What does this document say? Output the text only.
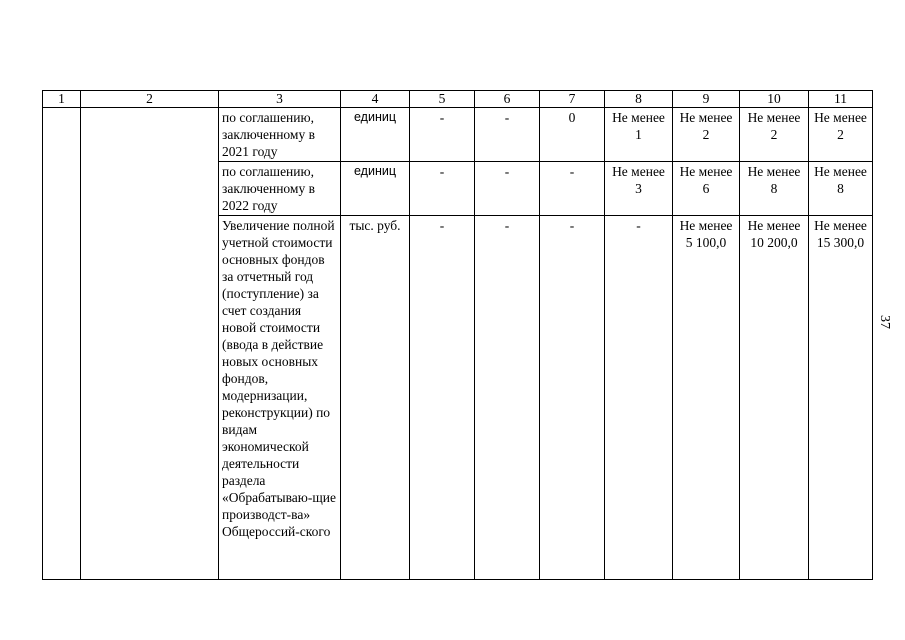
1	2	3	4	5	6	7	8	9	10	11
		по соглашению, заключенному в 2021 году	единиц	-	-	0	Не менее 1	Не менее 2	Не менее 2	Не менее 2
		по соглашению, заключенному в 2022 году	единиц	-	-	-	Не менее 3	Не менее 6	Не менее 8	Не менее 8
		Увеличение полной учетной стоимости основных фондов за отчетный год (поступление) за счет создания новой стоимости (ввода в действие новых основных фондов, модернизации, реконструкции) по видам экономической деятельности раздела «Обрабатываю-щие производст-ва» Общероссий-ского	тыс. руб.	-	-	-	-	Не менее 5 100,0	Не менее 10 200,0	Не менее 15 300,0
37
